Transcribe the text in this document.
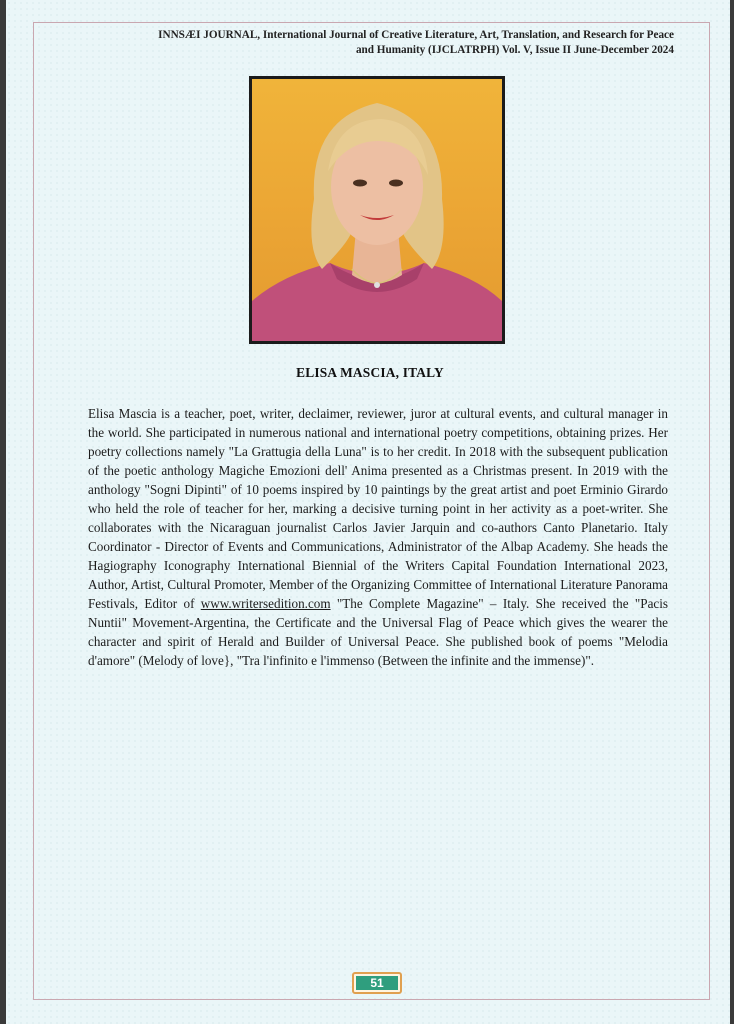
INNSÆI JOURNAL, International Journal of Creative Literature, Art, Translation, and Research for Peace
and Humanity (IJCLATRPH) Vol. V, Issue II June-December 2024
ELISA MASCIA, ITALY

Elisa Mascia is a teacher, poet, writer, declaimer, reviewer, juror at cultural events, and cultural manager in the world. She participated in numerous national and international poetry competitions, obtaining prizes. Her poetry collections namely "La Grattugia della Luna" is to her credit. In 2018 with the subsequent publication of the poetic anthology Magiche Emozioni dell' Anima presented as a Christmas present. In 2019 with the anthology "Sogni Dipinti" of 10 poems inspired by 10 paintings by the great artist and poet Erminio Girardo who held the role of teacher for her, marking a decisive turning point in her activity as a poet-writer. She collaborates with the Nicaraguan journalist Carlos Javier Jarquin and co-authors Canto Planetario. Italy Coordinator - Director of Events and Communications, Administrator of the Albap Academy. She heads the Hagiography Iconography International Biennial of the Writers Capital Foundation International 2023, Author, Artist, Cultural Promoter, Member of the Organizing Committee of International Literature Panorama Festivals, Editor of www.writersedition.com "The Complete Magazine" – Italy. She received the "Pacis Nuntii" Movement-Argentina, the Certificate and the Universal Flag of Peace which gives the wearer the character and spirit of Herald and Builder of Universal Peace. She published book of poems "Melodia d'amore" (Melody of love}, "Tra l'infinito e l'immenso (Between the infinite and the immense)".

51
